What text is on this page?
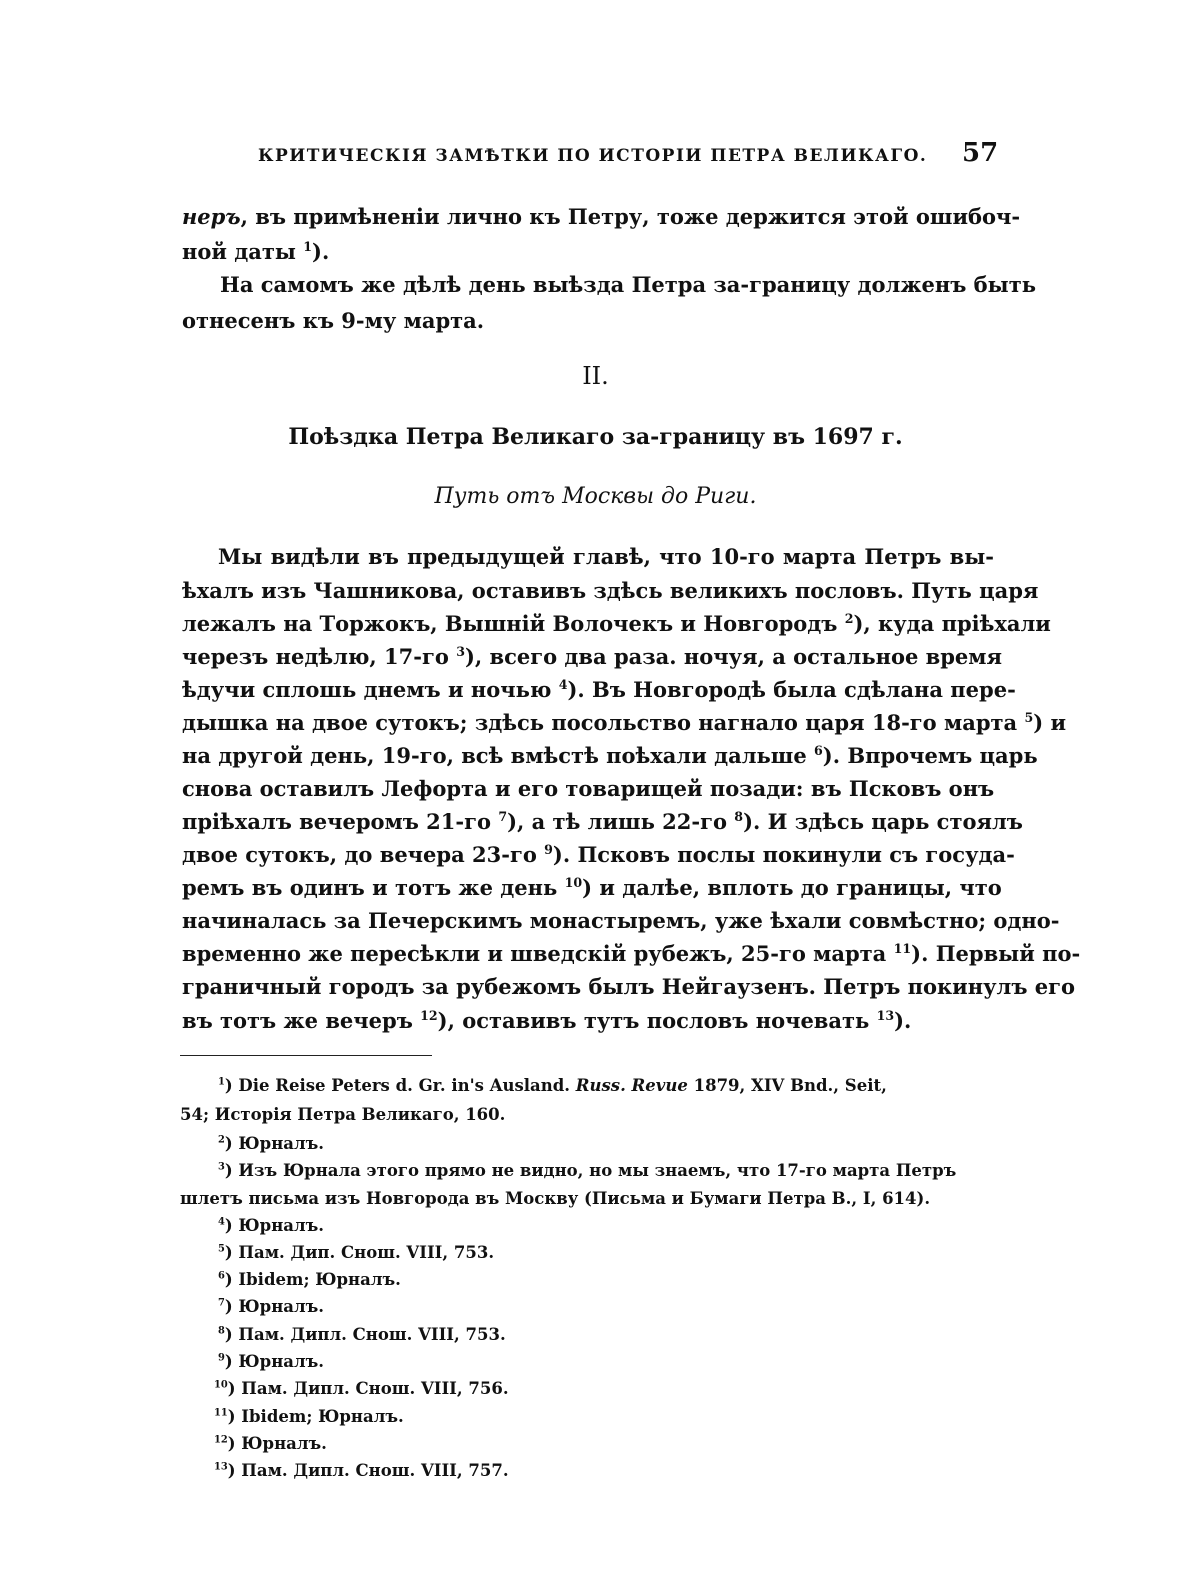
КРИТИЧЕСКІЯ ЗАМѢТКИ ПО ИСТОРІИ ПЕТРА ВЕЛИКАГО. 57
неръ, въ примѣненіи лично къ Петру, тоже держится этой ошибоч-
ной даты $^1$).
На самомъ же дѣлѣ день выѣзда Петра за-границу долженъ быть
отнесенъ къ 9-му марта.
II.
Поѣздка Петра Великаго за-границу въ 1697 г.
Путь отъ Москвы до Риги.
Мы видѣли въ предыдущей главѣ, что 10-го марта Петръ вы-
ѣхалъ изъ Чашникова, оставивъ здѣсь великихъ пословъ. Путь царя
лежалъ на Торжокъ, Вышній Волочекъ и Новгородъ $^2$), куда пріѣхали
черезъ недѣлю, 17-го $^3$), всего два раза. ночуя, а остальное время
ѣдучи сплошь днемъ и ночью $^4$). Въ Новгородѣ была сдѣлана пере-
дышка на двое сутокъ; здѣсь посольство нагнало царя 18-го марта $^5$) и
на другой день, 19-го, всѣ вмѣстѣ поѣхали дальше $^6$). Впрочемъ царь
снова оставилъ Лефорта и его товарищей позади: въ Псковъ онъ
пріѣхалъ вечеромъ 21-го $^7$), а тѣ лишь 22-го $^8$). И здѣсь царь стоялъ
двое сутокъ, до вечера 23-го $^9$). Псковъ послы покинули съ госуда-
ремъ въ одинъ и тотъ же день $^{10}$) и далѣе, вплоть до границы, что
начиналась за Печерскимъ монастыремъ, уже ѣхали совмѣстно; одно-
временно же пересѣкли и шведскій рубежъ, 25-го марта $^{11}$). Первый по-
граничный городъ за рубежомъ былъ Нейгаузенъ. Петръ покинулъ его
въ тотъ же вечеръ $^{12}$), оставивъ тутъ пословъ ночевать $^{13}$).
$^1$) Die Reise Peters d. Gr. in's Ausland. Russ. Revue 1879, XIV Bnd., Seit,
54; Исторія Петра Великаго, 160.
$^2$) Юрналъ.
$^3$) Изъ Юрнала этого прямо не видно, но мы знаемъ, что 17-го марта Петръ
шлетъ письма изъ Новгорода въ Москву (Письма и Бумаги Петра В., I, 614).
$^4$) Юрналъ.
$^5$) Пам. Дип. Снош. VIII, 753.
$^6$) Ibidem; Юрналъ.
$^7$) Юрналъ.
$^8$) Пам. Дипл. Снош. VIII, 753.
$^9$) Юрналъ.
$^{10}$) Пам. Дипл. Снош. VIII, 756.
$^{11}$) Ibidem; Юрналъ.
$^{12}$) Юрналъ.
$^{13}$) Пам. Дипл. Снош. VIII, 757.
